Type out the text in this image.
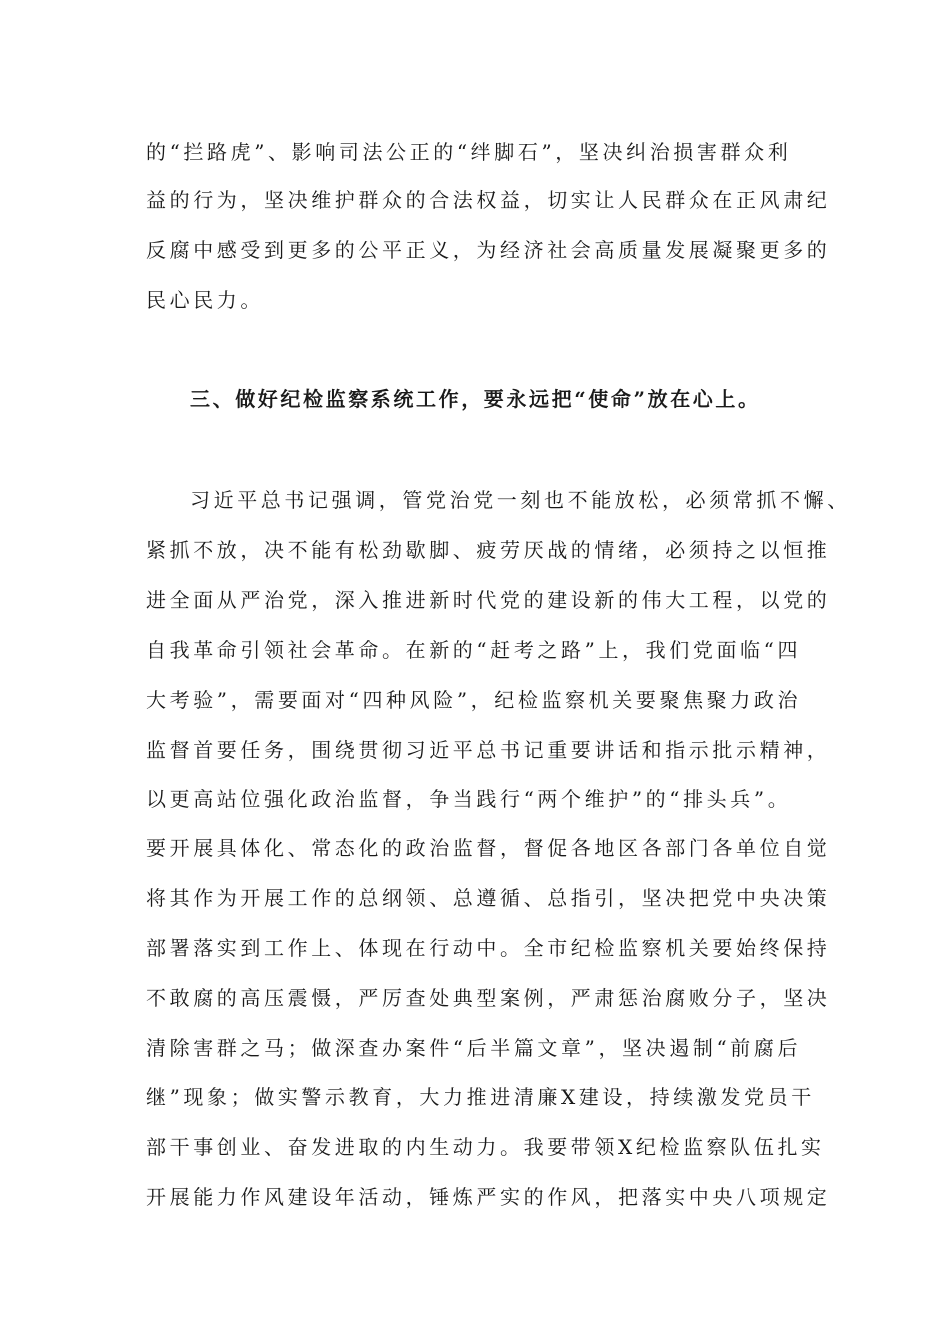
的“拦路虎”、影响司法公正的“绊脚石”，坚决纠治损害群众利
益的行为，坚决维护群众的合法权益，切实让人民群众在正风肃纪
反腐中感受到更多的公平正义，为经济社会高质量发展凝聚更多的
民心民力。
三、做好纪检监察系统工作，要永远把“使命”放在心上。
习近平总书记强调，管党治党一刻也不能放松，必须常抓不懈、
紧抓不放，决不能有松劲歇脚、疲劳厌战的情绪，必须持之以恒推
进全面从严治党，深入推进新时代党的建设新的伟大工程，以党的
自我革命引领社会革命。在新的“赶考之路”上，我们党面临“四
大考验”，需要面对“四种风险”，纪检监察机关要聚焦聚力政治
监督首要任务，围绕贯彻习近平总书记重要讲话和指示批示精神，
以更高站位强化政治监督，争当践行“两个维护”的“排头兵”。
要开展具体化、常态化的政治监督，督促各地区各部门各单位自觉
将其作为开展工作的总纲领、总遵循、总指引，坚决把党中央决策
部署落实到工作上、体现在行动中。全市纪检监察机关要始终保持
不敢腐的高压震慑，严厉查处典型案例，严肃惩治腐败分子，坚决
清除害群之马；做深查办案件“后半篇文章”，坚决遏制“前腐后
继”现象；做实警示教育，大力推进清廉X建设，持续激发党员干
部干事创业、奋发进取的内生动力。我要带领X纪检监察队伍扎实
开展能力作风建设年活动，锤炼严实的作风，把落实中央八项规定
